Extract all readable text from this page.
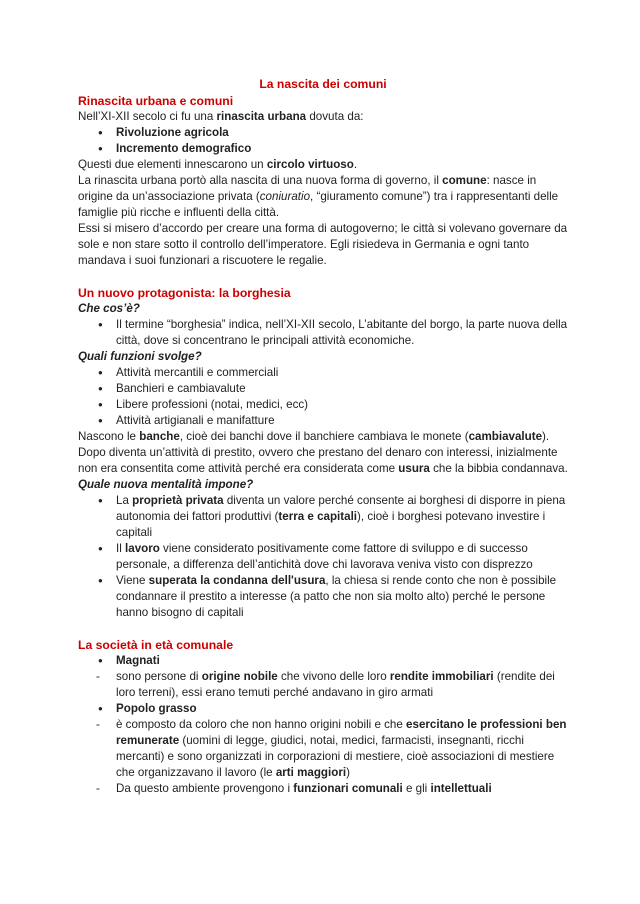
La nascita dei comuni

Rinascita urbana e comuni

Nell’XI-XII secolo ci fu una rinascita urbana dovuta da:

● Rivoluzione agricola
● Incremento demografico

Questi due elementi innescarono un circolo virtuoso.

La rinascita urbana portò alla nascita di una nuova forma di governo, il comune: nasce in origine da un’associazione privata (coniuratio, “giuramento comune”) tra i rappresentanti delle famiglie più ricche e influenti della città.

Essi si misero d’accordo per creare una forma di autogoverno; le città si volevano governare da sole e non stare sotto il controllo dell’imperatore. Egli risiedeva in Germania e ogni tanto mandava i suoi funzionari a riscuotere le regalie.

Un nuovo protagonista: la borghesia

Che cos’è?

● Il termine “borghesia” indica, nell’XI-XII secolo, L’abitante del borgo, la parte nuova della città, dove si concentrano le principali attività economiche.

Quali funzioni svolge?

● Attività mercantili e commerciali
● Banchieri e cambiavalute
● Libere professioni (notai, medici, ecc)
● Attività artigianali e manifatture

Nascono le banche, cioè dei banchi dove il banchiere cambiava le monete (cambiavalute). Dopo diventa un’attività di prestito, ovvero che prestano del denaro con interessi, inizialmente non era consentita come attività perché era considerata come usura che la bibbia condannava.

Quale nuova mentalità impone?

● La proprietà privata diventa un valore perché consente ai borghesi di disporre in piena autonomia dei fattori produttivi (terra e capitali), cioè i borghesi potevano investire i capitali
● Il lavoro viene considerato positivamente come fattore di sviluppo e di successo personale, a differenza dell’antichità dove chi lavorava veniva visto con disprezzo
● Viene superata la condanna dell'usura, la chiesa si rende conto che non è possibile condannare il prestito a interesse (a patto che non sia molto alto) perché le persone hanno bisogno di capitali

La società in età comunale

● Magnati
- sono persone di origine nobile che vivono delle loro rendite immobiliari (rendite dei loro terreni), essi erano temuti perché andavano in giro armati
● Popolo grasso
- è composto da coloro che non hanno origini nobili e che esercitano le professioni ben remunerate (uomini di legge, giudici, notai, medici, farmacisti, insegnanti, ricchi mercanti) e sono organizzati in corporazioni di mestiere, cioè associazioni di mestiere che organizzavano il lavoro (le arti maggiori)
- Da questo ambiente provengono i funzionari comunali e gli intellettuali
